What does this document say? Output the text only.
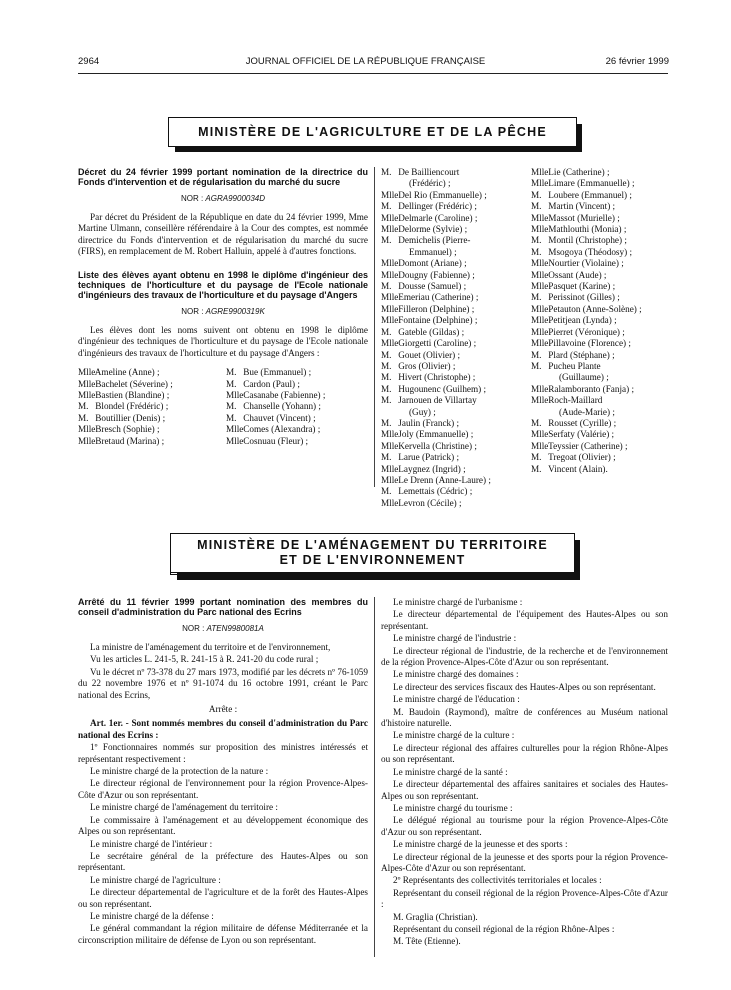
2964	JOURNAL OFFICIEL DE LA RÉPUBLIQUE FRANÇAISE	26 février 1999
MINISTÈRE DE L'AGRICULTURE ET DE LA PÊCHE

Décret du 24 février 1999 portant nomination de la directrice du Fonds d'intervention et de régularisation du marché du sucre

NOR : AGRA9900034D

Par décret du Président de la République en date du 24 février 1999, Mme Martine Ulmann, conseillère référendaire à la Cour des comptes, est nommée directrice du Fonds d'intervention et de régularisation du marché du sucre (FIRS), en remplacement de M. Robert Halluin, appelé à d'autres fonctions.

Liste des élèves ayant obtenu en 1998 le diplôme d'ingénieur des techniques de l'horticulture et du paysage de l'Ecole nationale d'ingénieurs des travaux de l'horticulture et du paysage d'Angers

NOR : AGRE9900319K

Les élèves dont les noms suivent ont obtenu en 1998 le diplôme d'ingénieur des techniques de l'horticulture et du paysage de l'Ecole nationale d'ingénieurs des travaux de l'horticulture et du paysage d'Angers :

Mlle Ameline (Anne) ;
Mlle Bachelet (Séverine) ;
Mlle Bastien (Blandine) ;
M. Blondel (Frédéric) ;
M. Boutillier (Denis) ;
Mlle Bresch (Sophie) ;
Mlle Bretaud (Marina) ;
M. Bue (Emmanuel) ;
M. Cardon (Paul) ;
Mlle Casanabe (Fabienne) ;
M. Chanselle (Yohann) ;
M. Chauvet (Vincent) ;
Mlle Comes (Alexandra) ;
Mlle Cosnuau (Fleur) ;
M. De Bailliencourt
(Frédéric) ;
Mlle Del Rio (Emmanuelle) ;
M. Dellinger (Frédéric) ;
Mlle Delmarle (Caroline) ;
Mlle Delorme (Sylvie) ;
M. Demichelis (Pierre-
Emmanuel) ;
Mlle Domont (Ariane) ;
Mlle Dougny (Fabienne) ;
M. Dousse (Samuel) ;
Mlle Emeriau (Catherine) ;
Mlle Filleron (Delphine) ;
Mlle Fontaine (Delphine) ;
M. Gateble (Gildas) ;
Mlle Giorgetti (Caroline) ;
M. Gouet (Olivier) ;
M. Gros (Olivier) ;
M. Hivert (Christophe) ;
M. Hugounenc (Guilhem) ;
M. Jarnouen de Villartay
(Guy) ;
M. Jaulin (Franck) ;
Mlle Joly (Emmanuelle) ;
Mlle Kervella (Christine) ;
M. Larue (Patrick) ;
Mlle Laygnez (Ingrid) ;
Mlle Le Drenn (Anne-Laure) ;
M. Lemettais (Cédric) ;
Mlle Levron (Cécile) ;
Mlle Lie (Catherine) ;
Mlle Limare (Emmanuelle) ;
M. Loubere (Emmanuel) ;
M. Martin (Vincent) ;
Mlle Massot (Murielle) ;
Mlle Mathlouthi (Monia) ;
M. Montil (Christophe) ;
M. Msogoya (Théodosy) ;
Mlle Nourtier (Violaine) ;
Mlle Ossant (Aude) ;
Mlle Pasquet (Karine) ;
M. Perissinot (Gilles) ;
Mlle Petauton (Anne-Solène) ;
Mlle Petitjean (Lynda) ;
Mlle Pierret (Véronique) ;
Mlle Pillavoine (Florence) ;
M. Plard (Stéphane) ;
M. Pucheu Plante
(Guillaume) ;
Mlle Ralamboranto (Fanja) ;
Mlle Roch-Maillard
(Aude-Marie) ;
M. Rousset (Cyrille) ;
Mlle Serfaty (Valérie) ;
Mlle Teyssier (Catherine) ;
M. Tregoat (Olivier) ;
M. Vincent (Alain).
MINISTÈRE DE L'AMÉNAGEMENT DU TERRITOIRE
ET DE L'ENVIRONNEMENT

Arrêté du 11 février 1999 portant nomination des membres du conseil d'administration du Parc national des Ecrins

NOR : ATEN9980081A

La ministre de l'aménagement du territoire et de l'environnement,

Vu les articles L. 241-5, R. 241-15 à R. 241-20 du code rural ;

Vu le décret nº 73-378 du 27 mars 1973, modifié par les décrets nº 76-1059 du 22 novembre 1976 et nº 91-1074 du 16 octobre 1991, créant le Parc national des Ecrins,

Arrête :

Art. 1er. - Sont nommés membres du conseil d'administration du Parc national des Ecrins :

1º Fonctionnaires nommés sur proposition des ministres intéressés et représentant respectivement :

Le ministre chargé de la protection de la nature :

Le directeur régional de l'environnement pour la région Provence-Alpes-Côte d'Azur ou son représentant.

Le ministre chargé de l'aménagement du territoire :

Le commissaire à l'aménagement et au développement économique des Alpes ou son représentant.

Le ministre chargé de l'intérieur :

Le secrétaire général de la préfecture des Hautes-Alpes ou son représentant.

Le ministre chargé de l'agriculture :

Le directeur départemental de l'agriculture et de la forêt des Hautes-Alpes ou son représentant.

Le ministre chargé de la défense :

Le général commandant la région militaire de défense Méditerranée et la circonscription militaire de défense de Lyon ou son représentant.

Le ministre chargé de l'urbanisme :

Le directeur départemental de l'équipement des Hautes-Alpes ou son représentant.

Le ministre chargé de l'industrie :

Le directeur régional de l'industrie, de la recherche et de l'environnement de la région Provence-Alpes-Côte d'Azur ou son représentant.

Le ministre chargé des domaines :

Le directeur des services fiscaux des Hautes-Alpes ou son représentant.

Le ministre chargé de l'éducation :

M. Baudoin (Raymond), maître de conférences au Muséum national d'histoire naturelle.

Le ministre chargé de la culture :

Le directeur régional des affaires culturelles pour la région Rhône-Alpes ou son représentant.

Le ministre chargé de la santé :

Le directeur départemental des affaires sanitaires et sociales des Hautes-Alpes ou son représentant.

Le ministre chargé du tourisme :

Le délégué régional au tourisme pour la région Provence-Alpes-Côte d'Azur ou son représentant.

Le ministre chargé de la jeunesse et des sports :

Le directeur régional de la jeunesse et des sports pour la région Provence-Alpes-Côte d'Azur ou son représentant.

2º Représentants des collectivités territoriales et locales :

Représentant du conseil régional de la région Provence-Alpes-Côte d'Azur :

M. Graglia (Christian).

Représentant du conseil régional de la région Rhône-Alpes :

M. Tête (Etienne).
